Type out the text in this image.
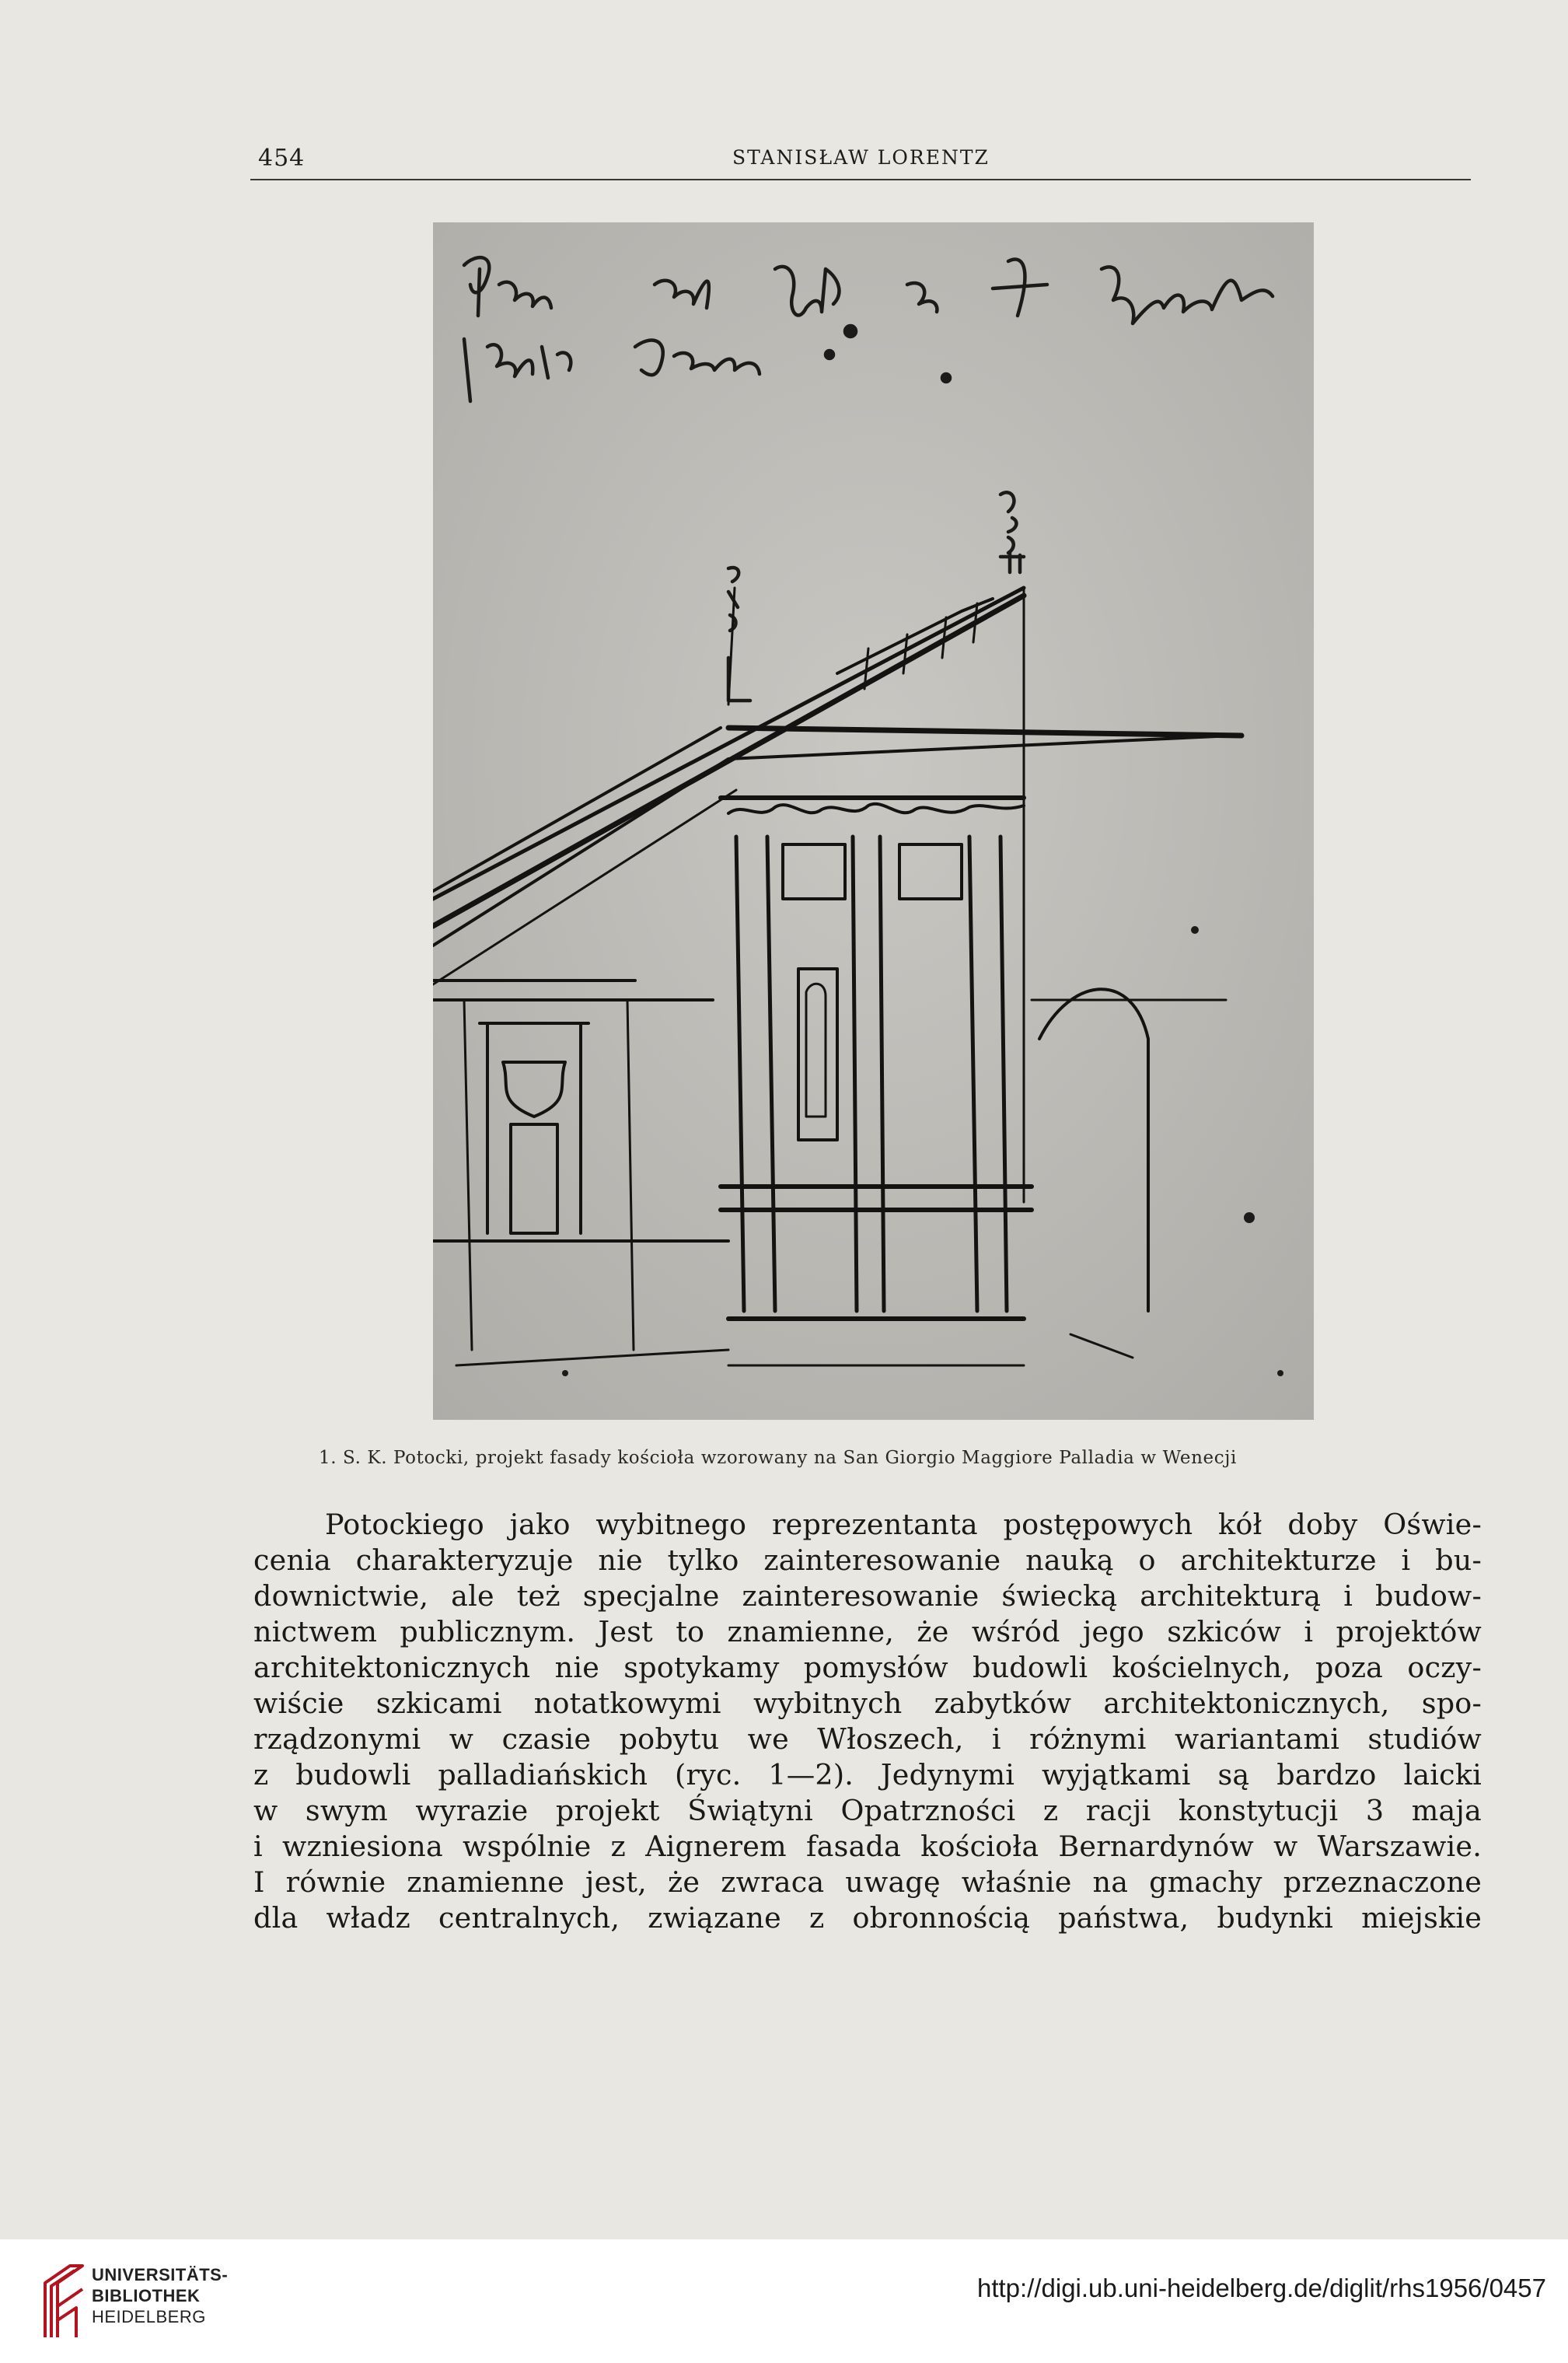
454	STANISŁAW LORENTZ
1. S. K. Potocki, projekt fasady kościoła wzorowany na San Giorgio Maggiore Palladia w Wenecji
Potockiego jako wybitnego reprezentanta postępowych kół doby Oświe-
cenia charakteryzuje nie tylko zainteresowanie nauką o architekturze i bu-
downictwie, ale też specjalne zainteresowanie świecką architekturą i budow-
nictwem publicznym. Jest to znamienne, że wśród jego szkiców i projektów
architektonicznych nie spotykamy pomysłów budowli kościelnych, poza oczy-
wiście szkicami notatkowymi wybitnych zabytków architektonicznych, spo-
rządzonymi w czasie pobytu we Włoszech, i różnymi wariantami studiów
z budowli palladiańskich (ryc. 1—2). Jedynymi wyjątkami są bardzo laicki
w swym wyrazie projekt Świątyni Opatrzności z racji konstytucji 3 maja
i wzniesiona wspólnie z Aignerem fasada kościoła Bernardynów w Warszawie.
I równie znamienne jest, że zwraca uwagę właśnie na gmachy przeznaczone
dla władz centralnych, związane z obronnością państwa, budynki miejskie
UNIVERSITÄTS-
BIBLIOTHEK
HEIDELBERG
http://digi.ub.uni-heidelberg.de/diglit/rhs1956/0457
